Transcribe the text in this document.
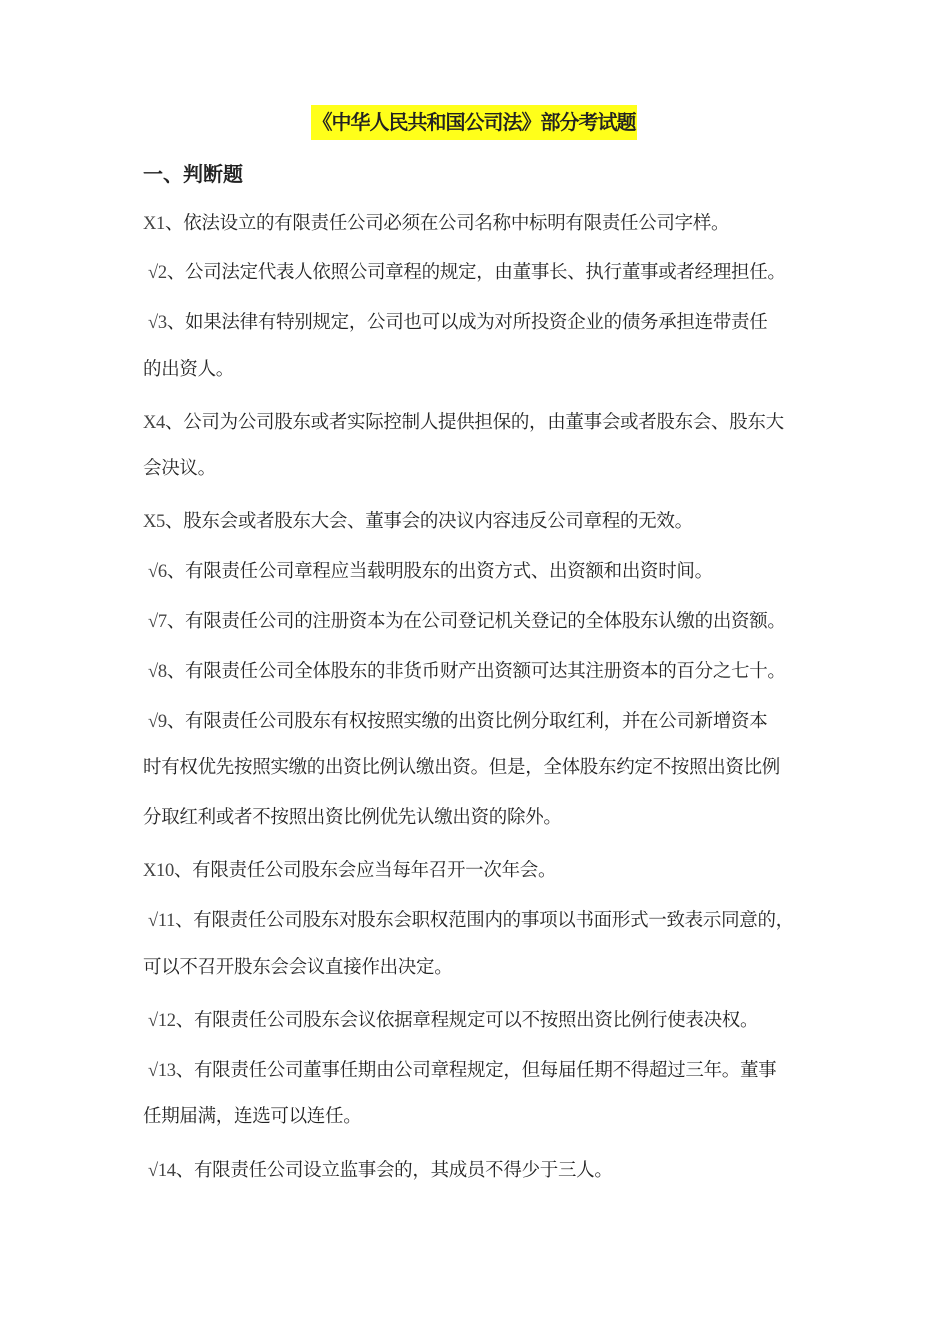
《中华人民共和国公司法》部分考试题
一、判断题
X1、依法设立的有限责任公司必须在公司名称中标明有限责任公司字样。
√2、公司法定代表人依照公司章程的规定，由董事长、执行董事或者经理担任。
√3、如果法律有特别规定，公司也可以成为对所投资企业的债务承担连带责任
的出资人。
X4、公司为公司股东或者实际控制人提供担保的，由董事会或者股东会、股东大
会决议。
X5、股东会或者股东大会、董事会的决议内容违反公司章程的无效。
√6、有限责任公司章程应当载明股东的出资方式、出资额和出资时间。
√7、有限责任公司的注册资本为在公司登记机关登记的全体股东认缴的出资额。
√8、有限责任公司全体股东的非货币财产出资额可达其注册资本的百分之七十。
√9、有限责任公司股东有权按照实缴的出资比例分取红利，并在公司新增资本
时有权优先按照实缴的出资比例认缴出资。但是，全体股东约定不按照出资比例
分取红利或者不按照出资比例优先认缴出资的除外。
X10、有限责任公司股东会应当每年召开一次年会。
√11、有限责任公司股东对股东会职权范围内的事项以书面形式一致表示同意的，
可以不召开股东会会议直接作出决定。
√12、有限责任公司股东会议依据章程规定可以不按照出资比例行使表决权。
√13、有限责任公司董事任期由公司章程规定，但每届任期不得超过三年。董事
任期届满，连选可以连任。
√14、有限责任公司设立监事会的，其成员不得少于三人。
